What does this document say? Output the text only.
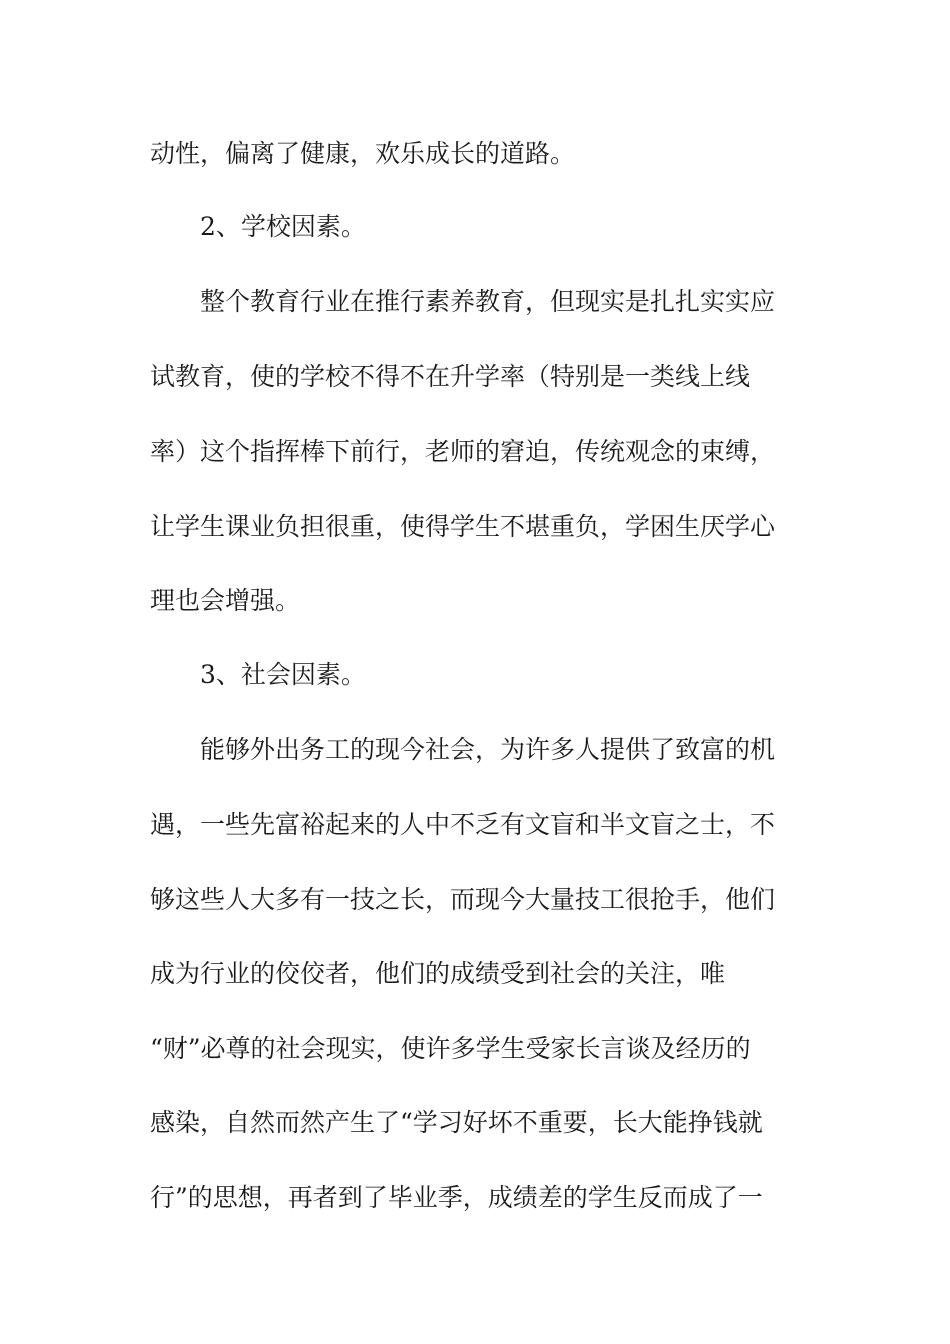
动性，偏离了健康，欢乐成长的道路。
2、学校因素。
整个教育行业在推行素养教育，但现实是扎扎实实应
试教育，使的学校不得不在升学率（特别是一类线上线
率）这个指挥棒下前行，老师的窘迫，传统观念的束缚，
让学生课业负担很重，使得学生不堪重负，学困生厌学心
理也会增强。
3、社会因素。
能够外出务工的现今社会，为许多人提供了致富的机
遇，一些先富裕起来的人中不乏有文盲和半文盲之士，不
够这些人大多有一技之长，而现今大量技工很抢手，他们
成为行业的佼佼者，他们的成绩受到社会的关注，唯
“财”必尊的社会现实，使许多学生受家长言谈及经历的
感染，自然而然产生了“学习好坏不重要，长大能挣钱就
行”的思想，再者到了毕业季，成绩差的学生反而成了一
